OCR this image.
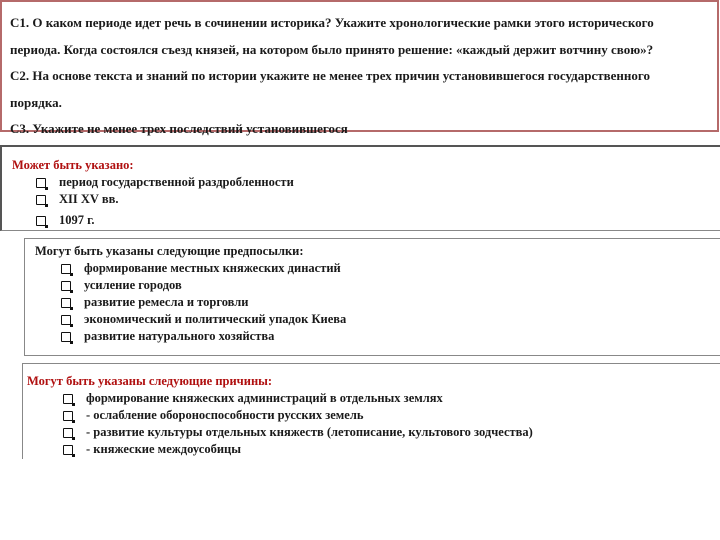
С1. О каком периоде идет речь в сочинении историка? Укажите хронологические рамки этого исторического
периода. Когда состоялся съезд князей, на котором было принято решение: «каждый держит вотчину свою»?
С2. На основе текста и знаний по истории укажите не менее трех причин установившегося государственного
порядка.
С3. Укажите не менее трех последствий установившегося
Может быть указано:
период государственной раздробленности
XII XV вв.
1097 г.
Могут быть указаны следующие предпосылки:
формирование местных княжеских династий
усиление городов
развитие ремесла и торговли
экономический и политический упадок Киева
развитие натурального хозяйства
Могут быть указаны следующие причины:
формирование княжеских администраций в отдельных землях
- ослабление обороноспособности русских земель
- развитие культуры отдельных княжеств (летописание, культового зодчества)
- княжеские междоусобицы
